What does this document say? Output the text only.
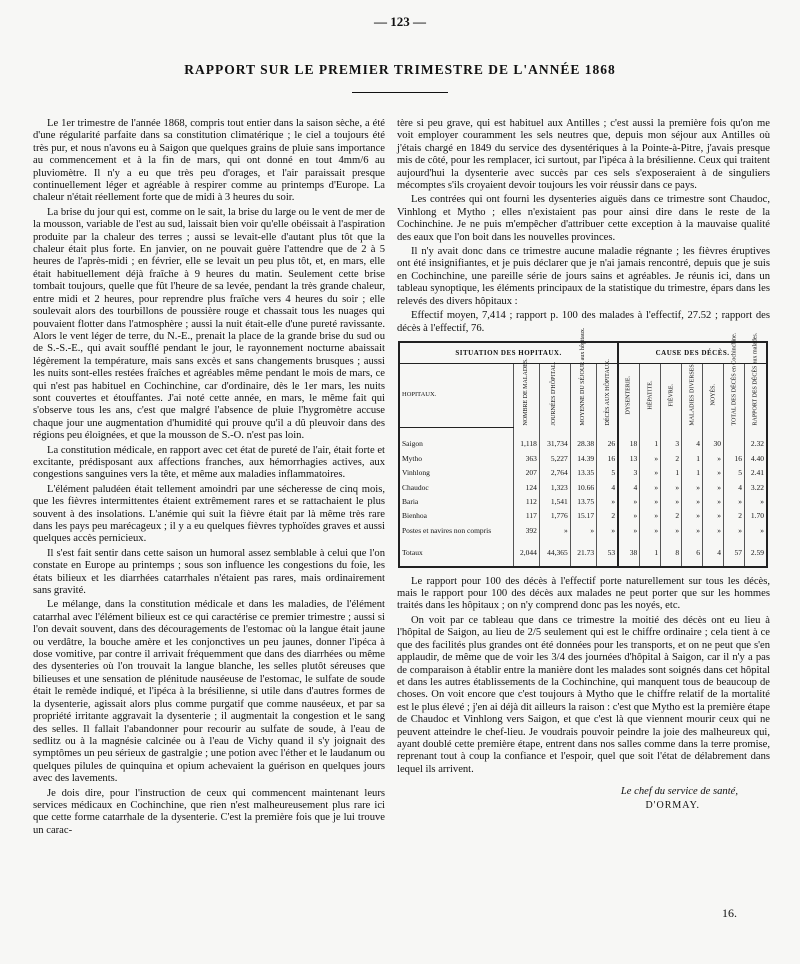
— 123 —
RAPPORT SUR LE PREMIER TRIMESTRE DE L'ANNÉE 1868

Le 1er trimestre de l'année 1868, compris tout entier dans la saison sèche, a été d'une régularité parfaite dans sa constitution climatérique ; le ciel a toujours été très pur, et nous n'avons eu à Saigon que quelques grains de pluie sans importance au commencement et à la fin de mars, qui ont donné en tout 4mm/6 au pluviomètre. Il n'y a eu que très peu d'orages, et l'air paraissait presque continuellement léger et agréable à respirer comme au printemps d'Europe. La chaleur n'était réellement forte que de midi à 3 heures du soir.

La brise du jour qui est, comme on le sait, la brise du large ou le vent de mer de la mousson, variable de l'est au sud, laissait bien voir qu'elle obéissait à l'aspiration produite par la chaleur des terres ; aussi se levait-elle d'autant plus tôt que la chaleur était plus forte. En janvier, on ne pouvait guère l'attendre que de 2 à 5 heures de l'après-midi ; en février, elle se levait un peu plus tôt, et, en mars, elle était habituellement déjà fraîche à 9 heures du matin. Seulement cette brise tombait toujours, quelle que fût l'heure de sa levée, pendant la très grande chaleur, entre midi et 2 heures, pour reprendre plus fraîche vers 4 heures du soir ; elle soulevait alors des tourbillons de poussière rouge et chassait tous les nuages qui pouvaient flotter dans l'atmosphère ; aussi la nuit était-elle d'une pureté ravissante. Alors le vent léger de terre, du N.-E., prenait la place de la grande brise du sud ou de S.-S.-E., qui avait soufflé pendant le jour, le rayonnement nocturne abaissait légèrement la température, mais sans excès et sans changements brusques ; aussi les nuits sont-elles restées fraîches et agréables même pendant le mois de mars, ce qui n'est pas habituel en Cochinchine, car d'ordinaire, dès le 1er mars, les nuits sont couvertes et étouffantes. J'ai noté cette année, en mars, le même fait qui s'observe tous les ans, c'est que malgré l'absence de pluie l'hygromètre accuse chaque jour une augmentation d'humidité qui prouve qu'il a dû pleuvoir dans des régions peu éloignées, et que la mousson de S.-O. n'est pas loin.

La constitution médicale, en rapport avec cet état de pureté de l'air, était forte et excitante, prédisposant aux affections franches, aux hémorrhagies actives, aux congestions sanguines vers la tête, et même aux maladies inflammatoires.

L'élément paludéen était tellement amoindri par une sécheresse de cinq mois, que les fièvres intermittentes étaient extrêmement rares et se rattachaient le plus souvent à des insolations. L'anémie qui suit la fièvre était par là même très rare dans les pays peu marécageux ; il y a eu quelques fièvres typhoïdes graves et aussi quelques accès pernicieux.

Il s'est fait sentir dans cette saison un humoral assez semblable à celui que l'on constate en Europe au printemps ; sous son influence les congestions du foie, les états bilieux et les diarrhées catarrhales n'étaient pas rares, mais ordinairement sans gravité.

Le mélange, dans la constitution médicale et dans les maladies, de l'élément catarrhal avec l'élément bilieux est ce qui caractérise ce premier trimestre ; aussi si l'on devait souvent, dans des découragements de l'estomac où la langue était jaune ou verdâtre, la bouche amère et les conjonctives un peu jaunes, donner l'ipéca à dose vomitive, par contre il arrivait fréquemment que dans des diarrhées ou même des dysenteries où l'on trouvait la langue blanche, les selles plutôt séreuses que bilieuses et une sensation de plénitude nauséeuse de l'estomac, le sulfate de soude était le remède indiqué, et l'ipéca à la brésilienne, si utile dans d'autres formes de la dysenterie, agissait alors plus comme purgatif que comme nauséeux, et par sa propriété irritante aggravait la dysenterie ; il augmentait la congestion et le sang des selles. Il fallait l'abandonner pour recourir au sulfate de soude, à l'eau de sedlitz ou à la magnésie calcinée ou à l'eau de Vichy quand il s'y joignait des symptômes un peu sérieux de gastralgie ; une potion avec l'éther et le laudanum ou quelques pilules de quinquina et opium achevaient la guérison en quelques jours avec des lavements.

Je dois dire, pour l'instruction de ceux qui commencent maintenant leurs services médicaux en Cochinchine, que rien n'est malheureusement plus rare ici que cette forme catarrhale de la dysenterie. C'est la première fois que je lui trouve un carac-

tère si peu grave, qui est habituel aux Antilles ; c'est aussi la première fois qu'on me voit employer couramment les sels neutres que, depuis mon séjour aux Antilles où j'étais chargé en 1849 du service des dysentériques à la Pointe-à-Pitre, j'avais presque mis de côté, pour les remplacer, ici surtout, par l'ipéca à la brésilienne. Ceux qui traitent aujourd'hui la dysenterie avec succès par ces sels s'exposeraient à de singuliers mécomptes s'ils croyaient devoir toujours les voir réussir dans ce pays.

Les contrées qui ont fourni les dysenteries aiguës dans ce trimestre sont Chaudoc, Vinhlong et Mytho ; elles n'existaient pas pour ainsi dire dans le reste de la Cochinchine. Je ne puis m'empêcher d'attribuer cette exception à la mauvaise qualité des eaux que l'on boit dans les nouvelles provinces.

Il n'y avait donc dans ce trimestre aucune maladie régnante ; les fièvres éruptives ont été insignifiantes, et je puis déclarer que je n'ai jamais rencontré, depuis que je suis en Cochinchine, une pareille série de jours sains et agréables. Je réunis ici, dans un tableau synoptique, les éléments principaux de la statistique du trimestre, épars dans les relevés des divers hôpitaux :

Effectif moyen, 7,414 ; rapport p. 100 des malades à l'effectif, 27.52 ; rapport des décès à l'effectif, 76.

SITUATION DES HOPITAUX.					CAUSE DES DÉCÈS.						
HOPITAUX.	NOMBRE DE MALADES.	JOURNÉES D'HÔPITAL.	MOYENNE DU SÉJOUR aux hôpitaux.	DÉCÈS AUX HÔPITAUX.	DYSENTERIE.	HÉPATITE.	FIÈVRE.	MALADIES DIVERSES.	NOYÉS.	TOTAL DES DÉCÈS en Cochinchine.	RAPPORT DES DÉCÈS aux malades.
Saigon	1,118	31,734	28.38	26	18	1	3	4	30		2.32
Mytho	363	5,227	14.39	16	13	»	2	1	»	16	4.40
Vinhlong	207	2,764	13.35	5	3	»	1	1	»	5	2.41
Chaudoc	124	1,323	10.66	4	4	»	»	»	»	4	3.22
Baria	112	1,541	13.75	»	»	»	»	»	»	»	»
Bienhoa	117	1,776	15.17	2	»	»	2	»	»	2	1.70
Postes et navires non compris	392	»	»	»	»	»	»	»	»	»	»
Totaux	2,044	44,365	21.73	53	38	1	8	6	4	57	2.59

Le rapport pour 100 des décès à l'effectif porte naturellement sur tous les décès, mais le rapport pour 100 des décès aux malades ne peut porter que sur les hommes traités dans les hôpitaux ; on n'y comprend donc pas les noyés, etc.

On voit par ce tableau que dans ce trimestre la moitié des décès ont eu lieu à l'hôpital de Saigon, au lieu de 2/5 seulement qui est le chiffre ordinaire ; cela tient à ce que des facilités plus grandes ont été données pour les transports, et on ne peut que s'en applaudir, de même que de voir les 3/4 des journées d'hôpital à Saigon, car il n'y a pas de comparaison à établir entre la manière dont les malades sont soignés dans cet hôpital et dans les autres établissements de la Cochinchine, qui manquent tous de beaucoup de choses. On voit encore que c'est toujours à Mytho que le chiffre relatif de la mortalité est le plus élevé ; j'en ai déjà dit ailleurs la raison : c'est que Mytho est la première étape de Chaudoc et Vinhlong vers Saigon, et que c'est là que viennent mourir ceux qui ne peuvent atteindre le chef-lieu. Je voudrais pouvoir peindre la joie des malheureux qui, ayant doublé cette première étape, entrent dans nos salles comme dans la terre promise, reprenant tout à coup la confiance et l'espoir, quel que soit l'état de délabrement dans lequel ils arrivent.

Le chef du service de santé,
D'ORMAY.
16.
